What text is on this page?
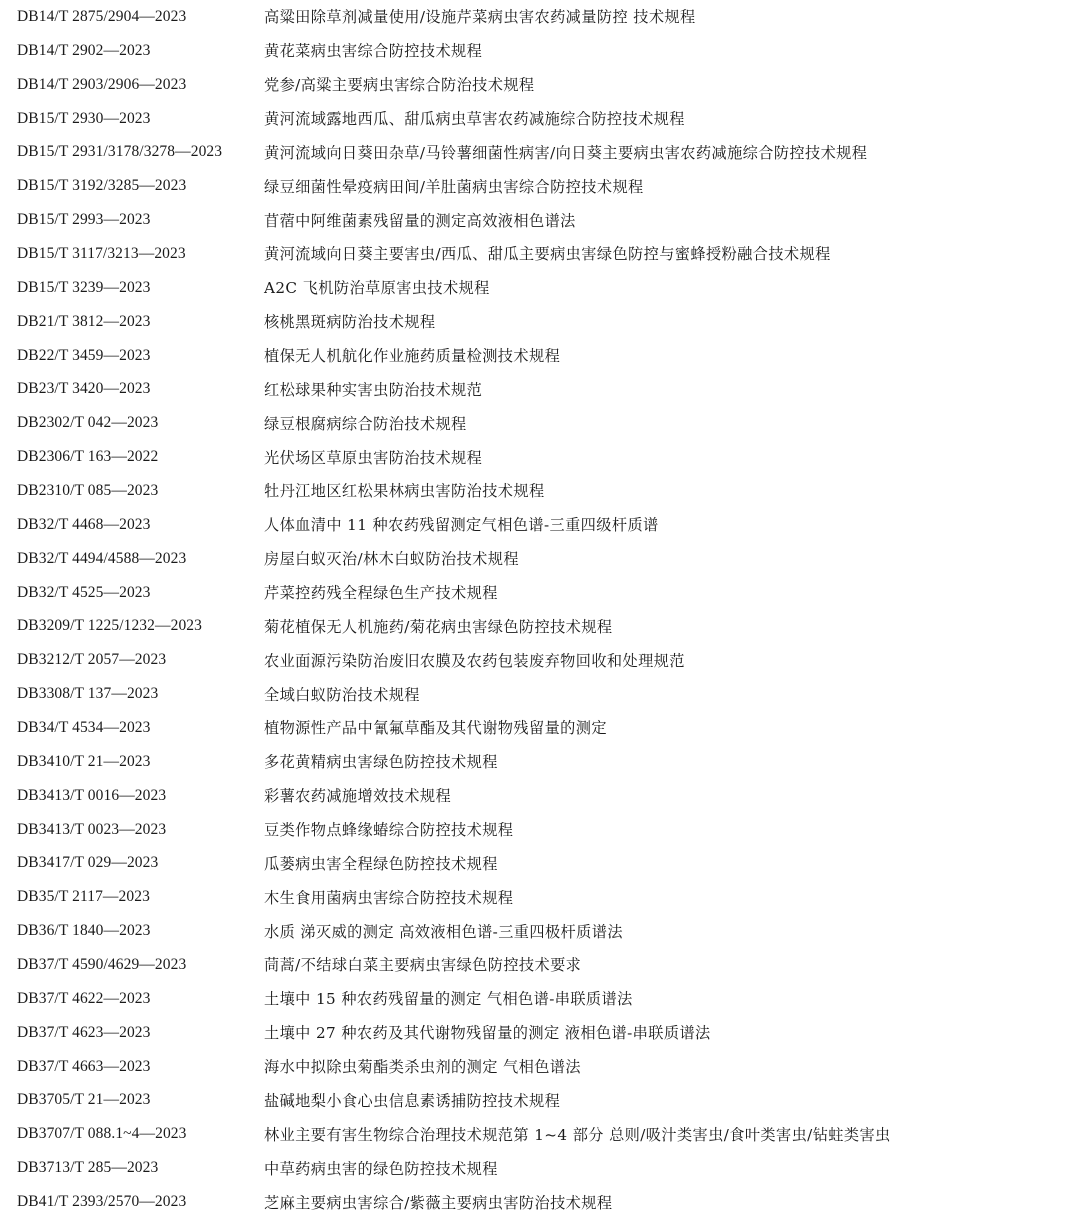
DB14/T 2875/2904—2023	高粱田除草剂减量使用/设施芹菜病虫害农药减量防控 技术规程
DB14/T 2902—2023	黄花菜病虫害综合防控技术规程
DB14/T 2903/2906—2023	党参/高粱主要病虫害综合防治技术规程
DB15/T 2930—2023	黄河流域露地西瓜、甜瓜病虫草害农药减施综合防控技术规程
DB15/T 2931/3178/3278—2023	黄河流域向日葵田杂草/马铃薯细菌性病害/向日葵主要病虫害农药减施综合防控技术规程
DB15/T 3192/3285—2023	绿豆细菌性晕疫病田间/羊肚菌病虫害综合防控技术规程
DB15/T 2993—2023	苜蓿中阿维菌素残留量的测定高效液相色谱法
DB15/T 3117/3213—2023	黄河流域向日葵主要害虫/西瓜、甜瓜主要病虫害绿色防控与蜜蜂授粉融合技术规程
DB15/T 3239—2023	A2C 飞机防治草原害虫技术规程
DB21/T 3812—2023	核桃黑斑病防治技术规程
DB22/T 3459—2023	植保无人机航化作业施药质量检测技术规程
DB23/T 3420—2023	红松球果种实害虫防治技术规范
DB2302/T 042—2023	绿豆根腐病综合防治技术规程
DB2306/T 163—2022	光伏场区草原虫害防治技术规程
DB2310/T 085—2023	牡丹江地区红松果林病虫害防治技术规程
DB32/T 4468—2023	人体血清中 11 种农药残留测定气相色谱-三重四级杆质谱
DB32/T 4494/4588—2023	房屋白蚁灭治/林木白蚁防治技术规程
DB32/T 4525—2023	芹菜控药残全程绿色生产技术规程
DB3209/T 1225/1232—2023	菊花植保无人机施药/菊花病虫害绿色防控技术规程
DB3212/T 2057—2023	农业面源污染防治废旧农膜及农药包装废弃物回收和处理规范
DB3308/T 137—2023	全域白蚁防治技术规程
DB34/T 4534—2023	植物源性产品中氰氟草酯及其代谢物残留量的测定
DB3410/T 21—2023	多花黄精病虫害绿色防控技术规程
DB3413/T 0016—2023	彩薯农药减施增效技术规程
DB3413/T 0023—2023	豆类作物点蜂缘蝽综合防控技术规程
DB3417/T 029—2023	瓜蒌病虫害全程绿色防控技术规程
DB35/T 2117—2023	木生食用菌病虫害综合防控技术规程
DB36/T 1840—2023	水质 涕灭威的测定 高效液相色谱-三重四极杆质谱法
DB37/T 4590/4629—2023	茼蒿/不结球白菜主要病虫害绿色防控技术要求
DB37/T 4622—2023	土壤中 15 种农药残留量的测定 气相色谱-串联质谱法
DB37/T 4623—2023	土壤中 27 种农药及其代谢物残留量的测定 液相色谱-串联质谱法
DB37/T 4663—2023	海水中拟除虫菊酯类杀虫剂的测定 气相色谱法
DB3705/T 21—2023	盐碱地梨小食心虫信息素诱捕防控技术规程
DB3707/T 088.1~4—2023	林业主要有害生物综合治理技术规范第 1~4 部分 总则/吸汁类害虫/食叶类害虫/钻蛀类害虫
DB3713/T 285—2023	中草药病虫害的绿色防控技术规程
DB41/T 2393/2570—2023	芝麻主要病虫害综合/紫薇主要病虫害防治技术规程
